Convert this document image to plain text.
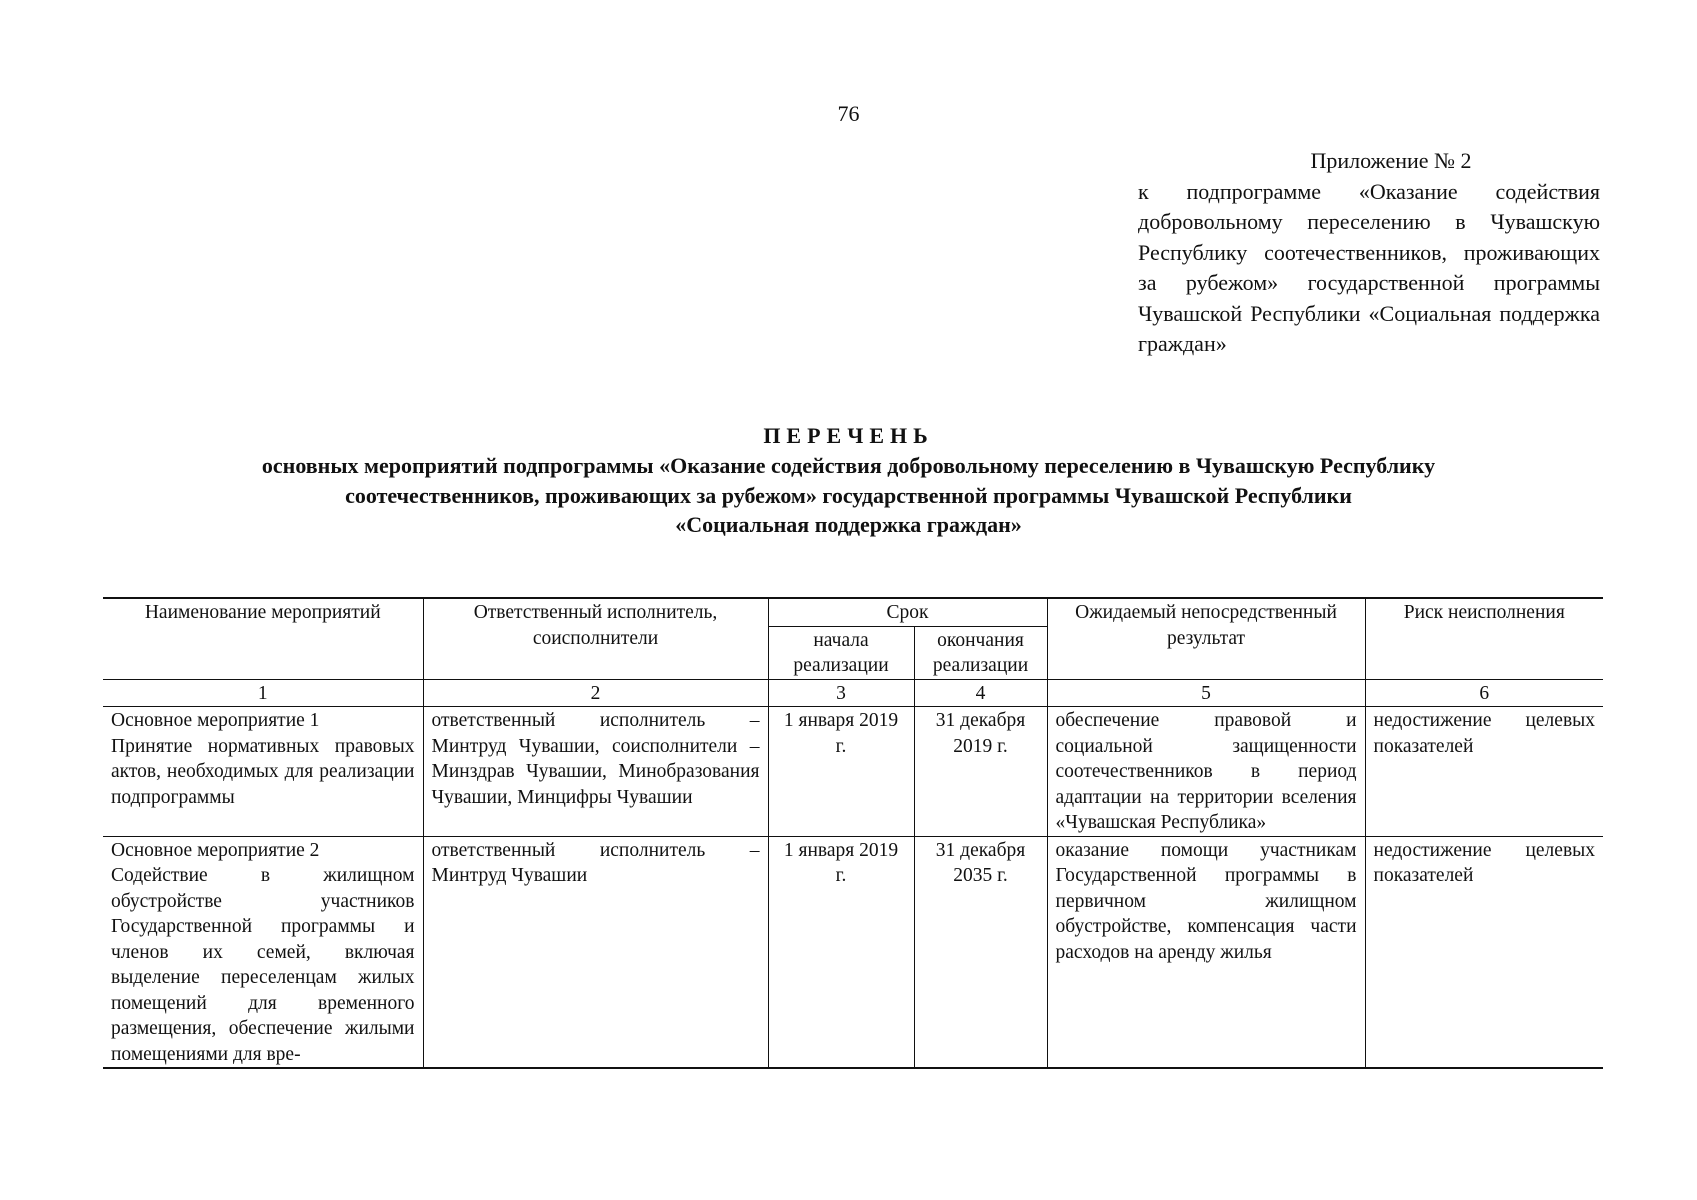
76
Приложение № 2
к подпрограмме «Оказание содействия добровольному переселению в Чувашскую Республику соотечественников, проживающих за рубежом» государственной программы Чувашской Республики «Социальная поддержка граждан»
ПЕРЕЧЕНЬ
основных мероприятий подпрограммы «Оказание содействия добровольному переселению в Чувашскую Республику
соотечественников, проживающих за рубежом» государственной программы Чувашской Республики
«Социальная поддержка граждан»
Наименование мероприятий	Ответственный исполнитель, соисполнители	Срок		Ожидаемый непосредственный результат	Риск неисполнения
		начала реализации	окончания реализации		
1	2	3	4	5	6

Основное мероприятие 1
Принятие нормативных правовых актов, необходимых для реализации подпрограммы	ответственный исполнитель – Минтруд Чувашии, соисполнители – Минздрав Чувашии, Минобразования Чувашии, Минцифры Чувашии	1 января 2019 г.	31 декабря 2019 г.	обеспечение правовой и социальной защищенности соотечественников в период адаптации на территории вселения «Чувашская Республика»	недостижение целевых показателей

Основное мероприятие 2
Содействие в жилищном обустройстве участников Государственной программы и членов их семей, включая выделение переселенцам жилых помещений для временного размещения, обеспечение жилыми помещениями для вре-	ответственный исполнитель – Минтруд Чувашии	1 января 2019 г.	31 декабря 2035 г.	оказание помощи участникам Государственной программы в первичном жилищном обустройстве, компенсация части расходов на аренду жилья	недостижение целевых показателей
